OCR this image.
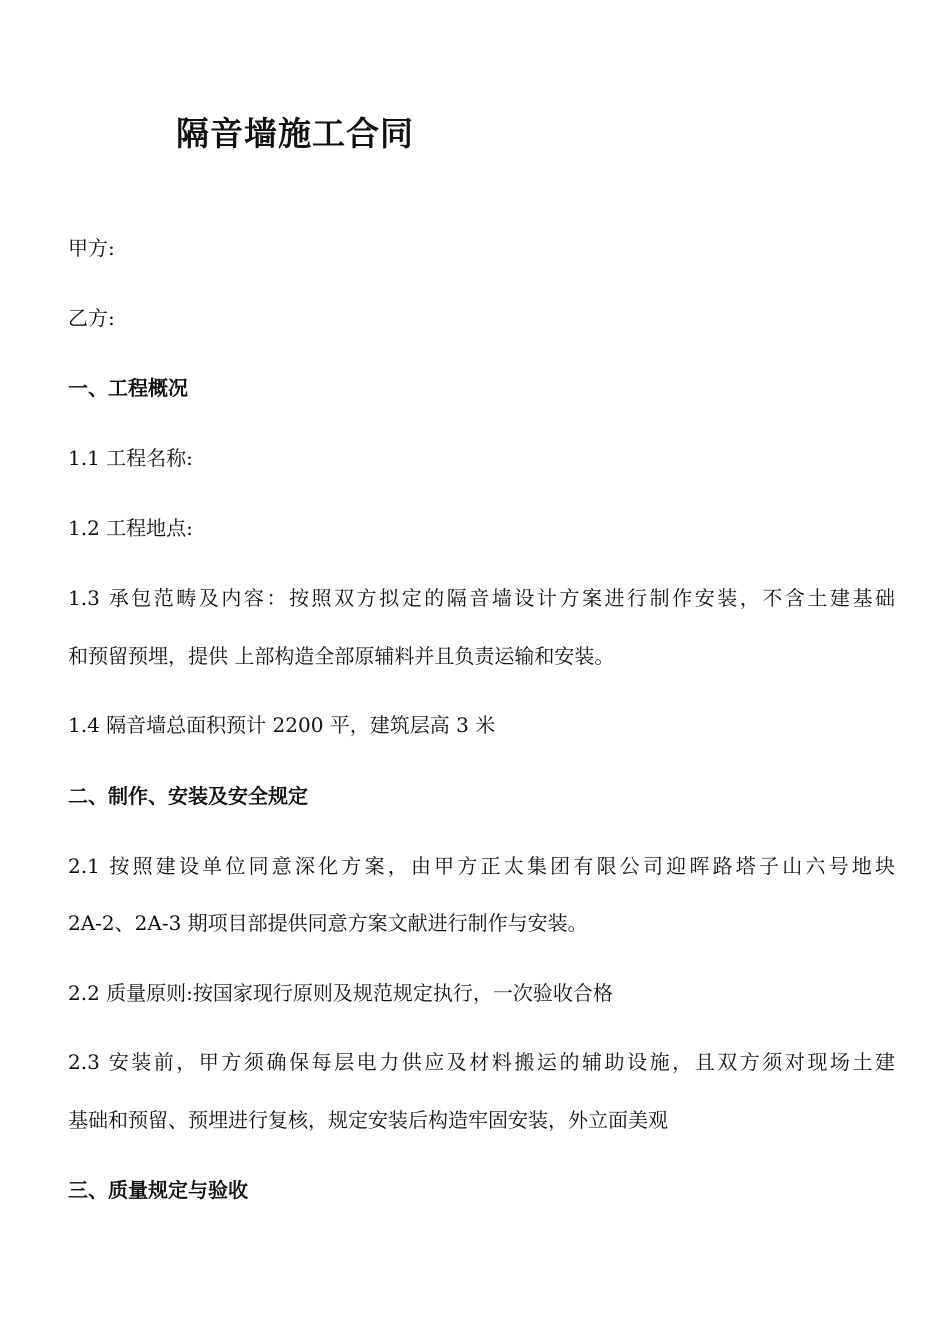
隔音墙施工合同
甲方:
乙方:
一、工程概况
1.1 工程名称:
1.2 工程地点:
1.3 承包范畴及内容：按照双方拟定的隔音墙设计方案进行制作安装，不含土建基础
和预留预埋，提供 上部构造全部原辅料并且负责运输和安装。
1.4 隔音墙总面积预计 2200 平，建筑层高 3 米
二、制作、安装及安全规定
2.1 按照建设单位同意深化方案，由甲方正太集团有限公司迎晖路塔子山六号地块
2A-2、2A-3 期项目部提供同意方案文献进行制作与安装。
2.2 质量原则:按国家现行原则及规范规定执行，一次验收合格
2.3 安装前，甲方须确保每层电力供应及材料搬运的辅助设施，且双方须对现场土建
基础和预留、预埋进行复核，规定安装后构造牢固安装，外立面美观
三、质量规定与验收
